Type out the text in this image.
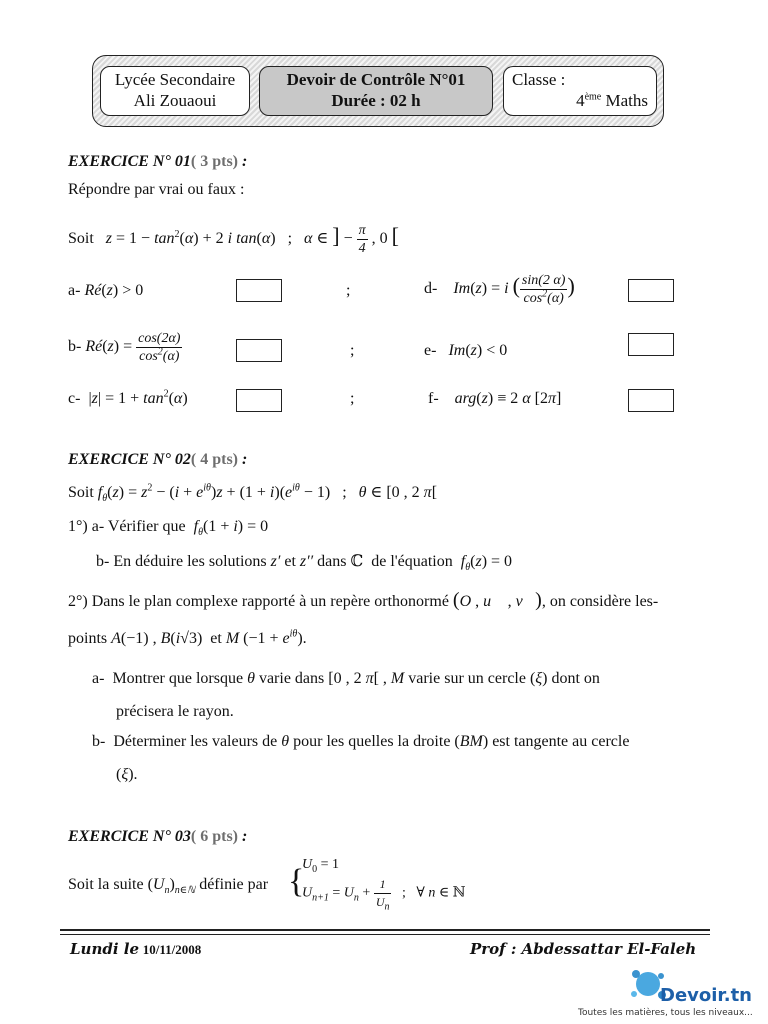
Lycée Secondaire
Ali Zouaoui
Devoir de Contrôle N°01
Durée : 02 h
Classe :
4ème Maths
EXERCICE N° 01( 3 pts) :
Répondre par vrai ou faux :
Soit $z = 1 - \tan^2(\alpha) + 2$ i tan(α)   ;   α ∈ ] − $\frac{\pi}{4}$ , 0 [
a- Ré(z) > 0	;	d- Im(z) = i ( $\frac{\sin(2 \alpha)}{\cos^2(\alpha)}$ )
b- Ré(z) = $\frac{\cos(2\alpha)}{\cos^2(\alpha)}$	;	e- Im(z) < 0
c-  $|z| = 1 + \tan^2(\alpha)$	;	f- arg(z) ≡ 2 α [2π]
EXERCICE N° 02( 4 pts) :
Soit $f_\theta(z) = z^2 - (i + e^{i\theta})z + (1 + i)(e^{i\theta} - 1)$   ;   θ ∈ [0 , 2 π[
1°) a- Vérifier que $f_\theta(1 + i) = 0$
b- En déduire les solutions z′ et z′′ dans ℂ  de l'équation $f_\theta(z) = 0$
2°) Dans le plan complexe rapporté à un repère orthonormé (O , u⃗ , v⃗), on considère les-
points A(−1) , B(i√3)  et M $(-1 + e^{i\theta})$.
a- Montrer que lorsque θ varie dans [0 , 2 π[ , M varie sur un cercle (ξ) dont on
précisera le rayon.
b- Déterminer les valeurs de θ pour les quelles la droite (BM) est tangente au cercle
(ξ).
EXERCICE N° 03( 6 pts) :
Soit la suite $(U_n)_{n\in ℕ}$ définie par {
$U_0 = 1$
$U_{n+1} = U_n + \frac{1}{U_n}$ ;   ∀ n ∈ ℕ
Lundi le 10/11/2008	Prof : Abdessattar El-Faleh
Devoir.tn
Toutes les matières, tous les niveaux...
